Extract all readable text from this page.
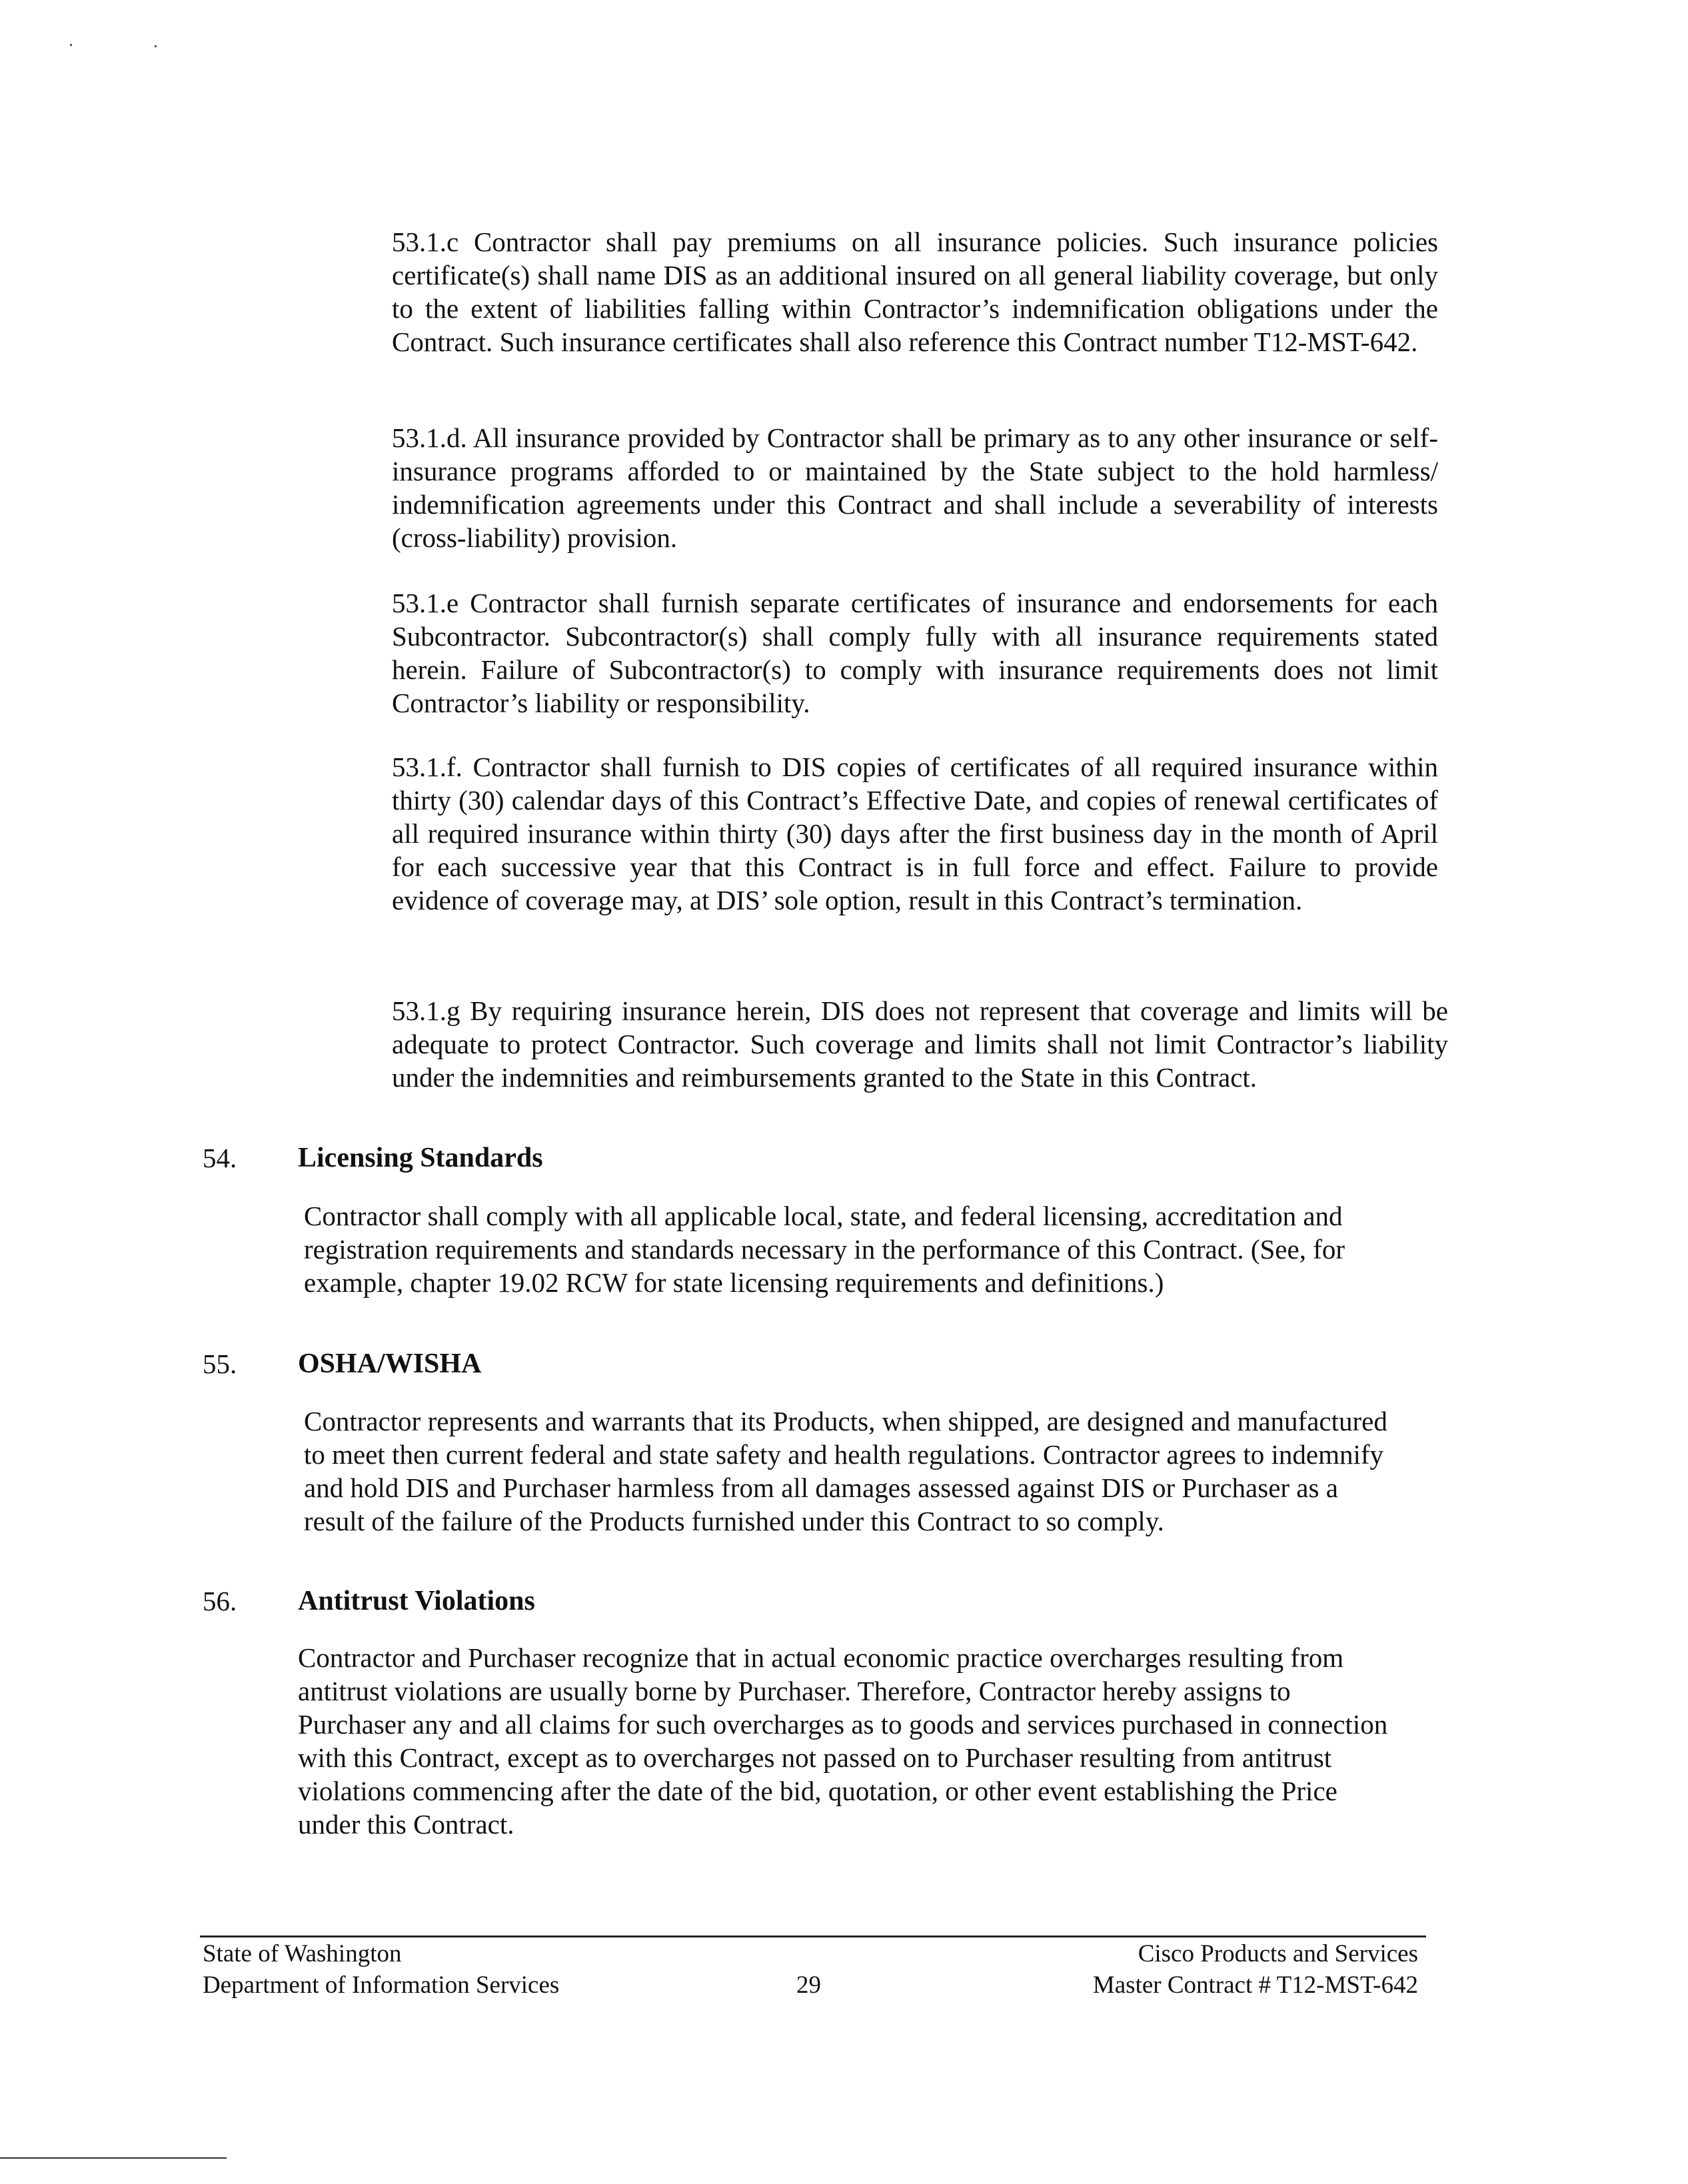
53.1.c Contractor shall pay premiums on all insurance policies. Such insurance policies certificate(s) shall name DIS as an additional insured on all general liability coverage, but only to the extent of liabilities falling within Contractor’s indemnification obligations under the Contract. Such insurance certificates shall also reference this Contract number T12-MST-642.

53.1.d. All insurance provided by Contractor shall be primary as to any other insurance or self-insurance programs afforded to or maintained by the State subject to the hold harmless/ indemnification agreements under this Contract and shall include a severability of interests (cross-liability) provision.

53.1.e Contractor shall furnish separate certificates of insurance and endorsements for each Subcontractor. Subcontractor(s) shall comply fully with all insurance requirements stated herein. Failure of Subcontractor(s) to comply with insurance requirements does not limit Contractor’s liability or responsibility.

53.1.f. Contractor shall furnish to DIS copies of certificates of all required insurance within thirty (30) calendar days of this Contract’s Effective Date, and copies of renewal certificates of all required insurance within thirty (30) days after the first business day in the month of April for each successive year that this Contract is in full force and effect. Failure to provide evidence of coverage may, at DIS’ sole option, result in this Contract’s termination.

53.1.g By requiring insurance herein, DIS does not represent that coverage and limits will be adequate to protect Contractor. Such coverage and limits shall not limit Contractor’s liability under the indemnities and reimbursements granted to the State in this Contract.

54. Licensing Standards

Contractor shall comply with all applicable local, state, and federal licensing, accreditation and registration requirements and standards necessary in the performance of this Contract. (See, for example, chapter 19.02 RCW for state licensing requirements and definitions.)

55. OSHA/WISHA

Contractor represents and warrants that its Products, when shipped, are designed and manufactured to meet then current federal and state safety and health regulations. Contractor agrees to indemnify and hold DIS and Purchaser harmless from all damages assessed against DIS or Purchaser as a result of the failure of the Products furnished under this Contract to so comply.

56. Antitrust Violations

Contractor and Purchaser recognize that in actual economic practice overcharges resulting from antitrust violations are usually borne by Purchaser. Therefore, Contractor hereby assigns to Purchaser any and all claims for such overcharges as to goods and services purchased in connection with this Contract, except as to overcharges not passed on to Purchaser resulting from antitrust violations commencing after the date of the bid, quotation, or other event establishing the Price under this Contract.

State of Washington
Department of Information Services	29
Cisco Products and Services
Master Contract # T12-MST-642
